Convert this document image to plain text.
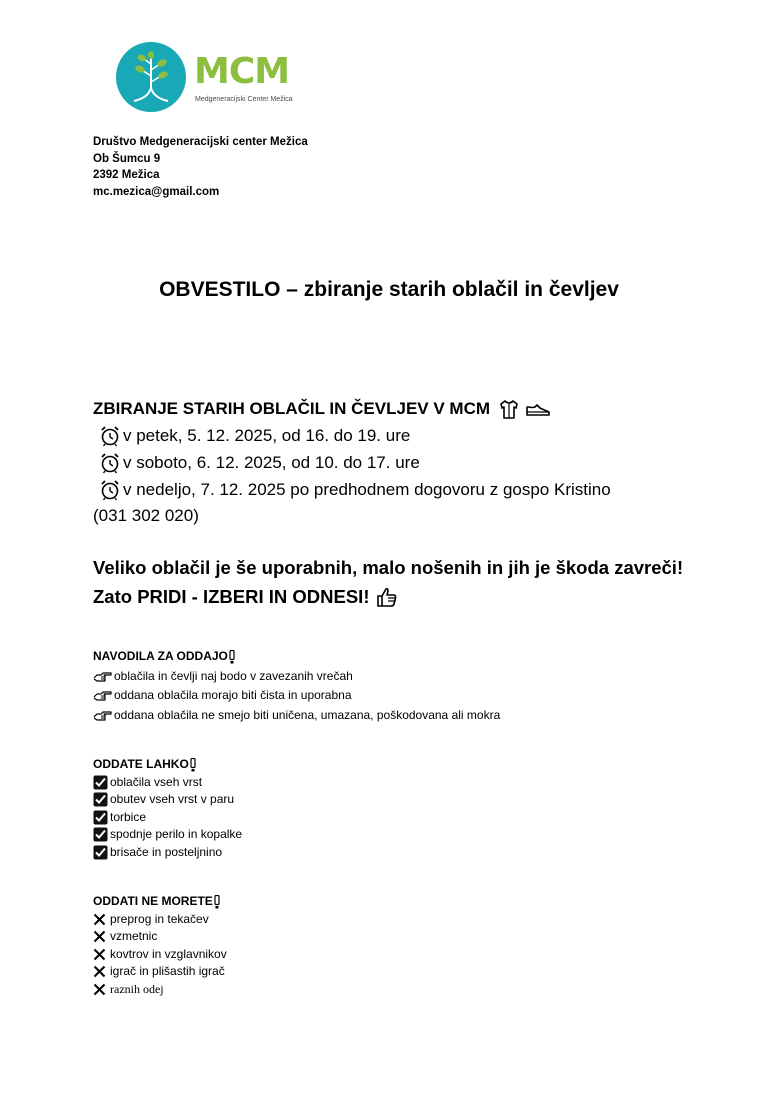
MCM
Medgeneracijski Center Mežica
Društvo Medgeneracijski center Mežica
Ob Šumcu 9
2392 Mežica
mc.mezica@gmail.com
OBVESTILO – zbiranje starih oblačil in čevljev
ZBIRANJE STARIH OBLAČIL IN ČEVLJEV V MCM
v petek, 5. 12. 2025, od 16. do 19. ure
v soboto, 6. 12. 2025, od 10. do 17. ure
v nedeljo, 7. 12. 2025 po predhodnem dogovoru z gospo Kristino
(031 302 020)
Veliko oblačil je še uporabnih, malo nošenih in jih je škoda zavreči!
Zato PRIDI - IZBERI IN ODNESI!
NAVODILA ZA ODDAJO
oblačila in čevlji naj bodo v zavezanih vrečah
oddana oblačila morajo biti čista in uporabna
oddana oblačila ne smejo biti uničena, umazana, poškodovana ali mokra
ODDATE LAHKO
oblačila vseh vrst
obutev vseh vrst v paru
torbice
spodnje perilo in kopalke
brisače in posteljnino
ODDATI NE MORETE
preprog in tekačev
vzmetnic
kovtrov in vzglavnikov
igrač in plišastih igrač
raznih odej
